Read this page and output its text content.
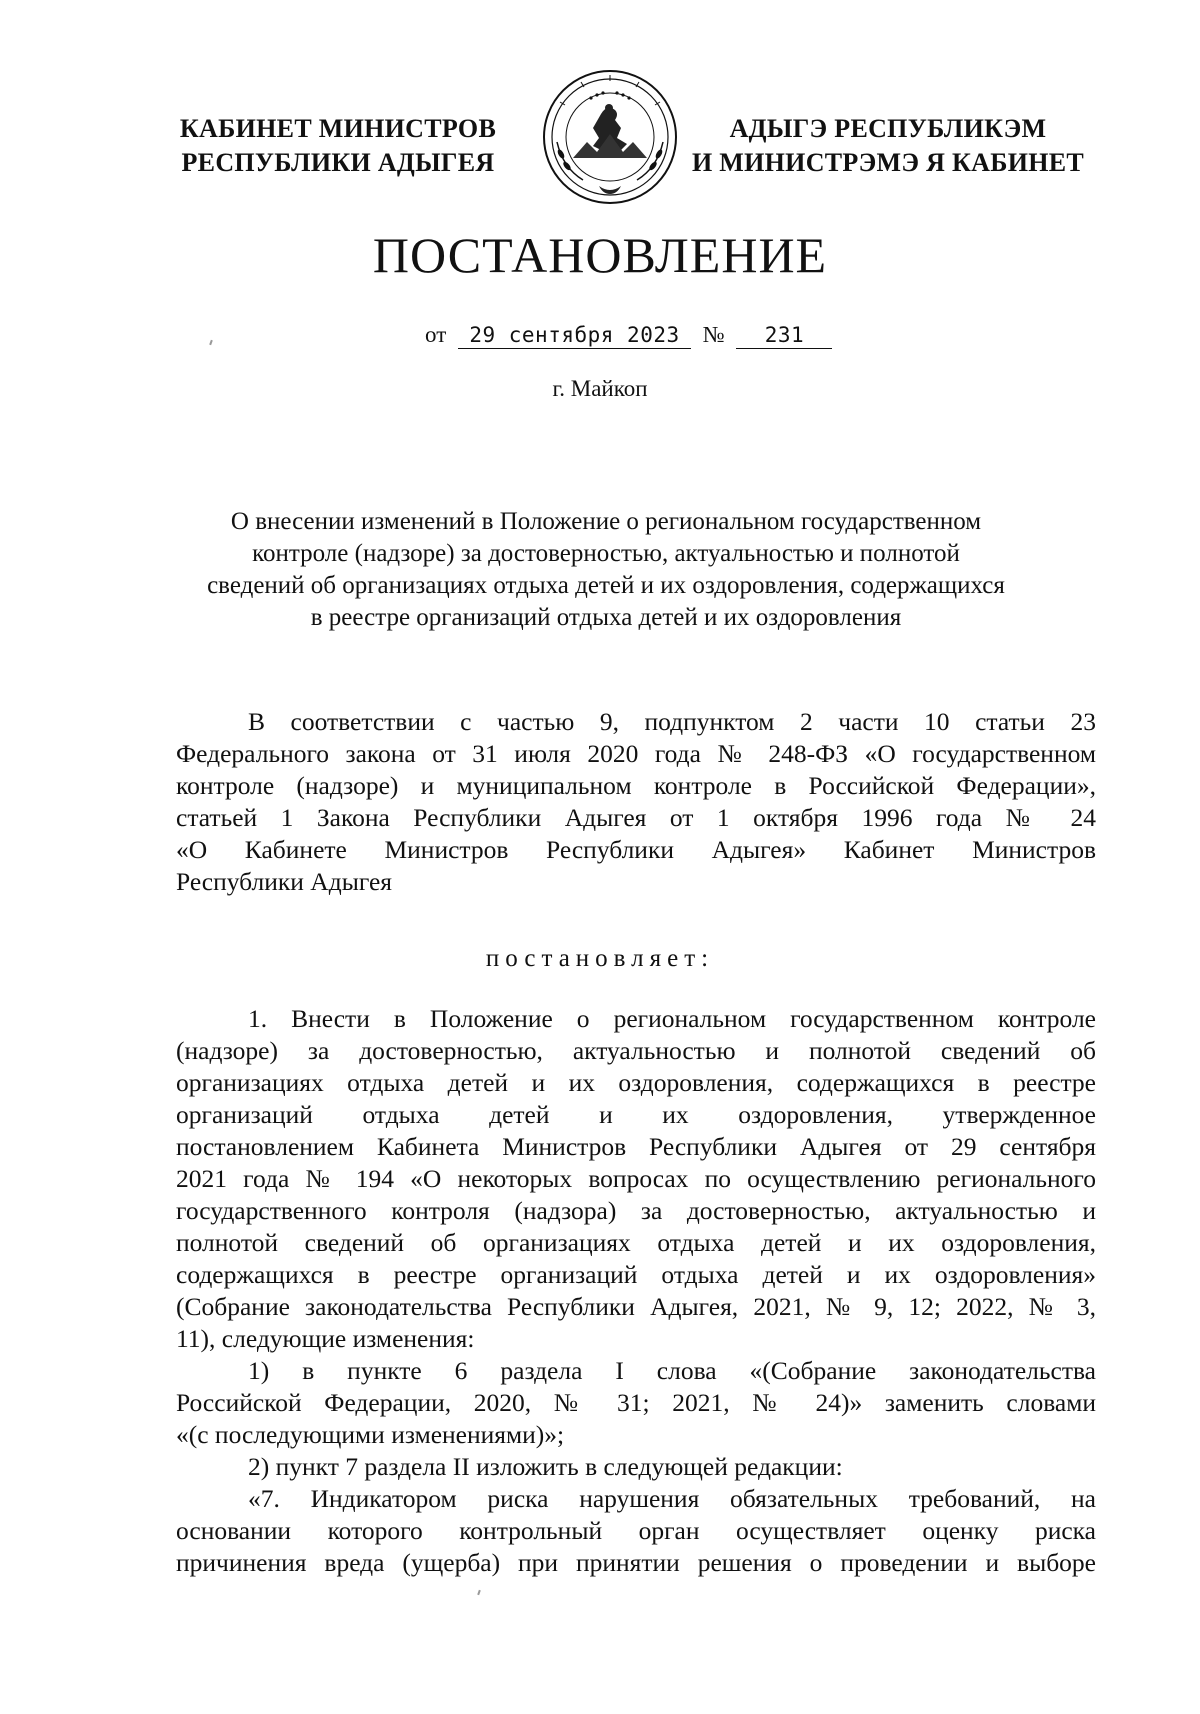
КАБИНЕТ МИНИСТРОВ
РЕСПУБЛИКИ АДЫГЕЯ
АДЫГЭ РЕСПУБЛИКЭМ
И МИНИСТРЭМЭ Я КАБИНЕТ
ПОСТАНОВЛЕНИЕ
от 29 сентября 2023 № 231
г. Майкоп
О внесении изменений в Положение о региональном государственном
контроле (надзоре) за достоверностью, актуальностью и полнотой
сведений об организациях отдыха детей и их оздоровления, содержащихся
в реестре организаций отдыха детей и их оздоровления
В соответствии с частью 9, подпунктом 2 части 10 статьи 23
Федерального закона от 31 июля 2020 года № 248-ФЗ «О государственном
контроле (надзоре) и муниципальном контроле в Российской Федерации»,
статьей 1 Закона Республики Адыгея от 1 октября 1996 года № 24
«О Кабинете Министров Республики Адыгея» Кабинет Министров
Республики Адыгея
постановляет:
1. Внести в Положение о региональном государственном контроле
(надзоре) за достоверностью, актуальностью и полнотой сведений об
организациях отдыха детей и их оздоровления, содержащихся в реестре
организаций отдыха детей и их оздоровления, утвержденное
постановлением Кабинета Министров Республики Адыгея от 29 сентября
2021 года № 194 «О некоторых вопросах по осуществлению регионального
государственного контроля (надзора) за достоверностью, актуальностью и
полнотой сведений об организациях отдыха детей и их оздоровления,
содержащихся в реестре организаций отдыха детей и их оздоровления»
(Собрание законодательства Республики Адыгея, 2021, № 9, 12; 2022, № 3,
11), следующие изменения:
1) в пункте 6 раздела I слова «(Собрание законодательства
Российской Федерации, 2020, № 31; 2021, № 24)» заменить словами
«(с последующими изменениями)»;
2) пункт 7 раздела II изложить в следующей редакции:
«7. Индикатором риска нарушения обязательных требований, на
основании которого контрольный орган осуществляет оценку риска
причинения вреда (ущерба) при принятии решения о проведении и выборе
